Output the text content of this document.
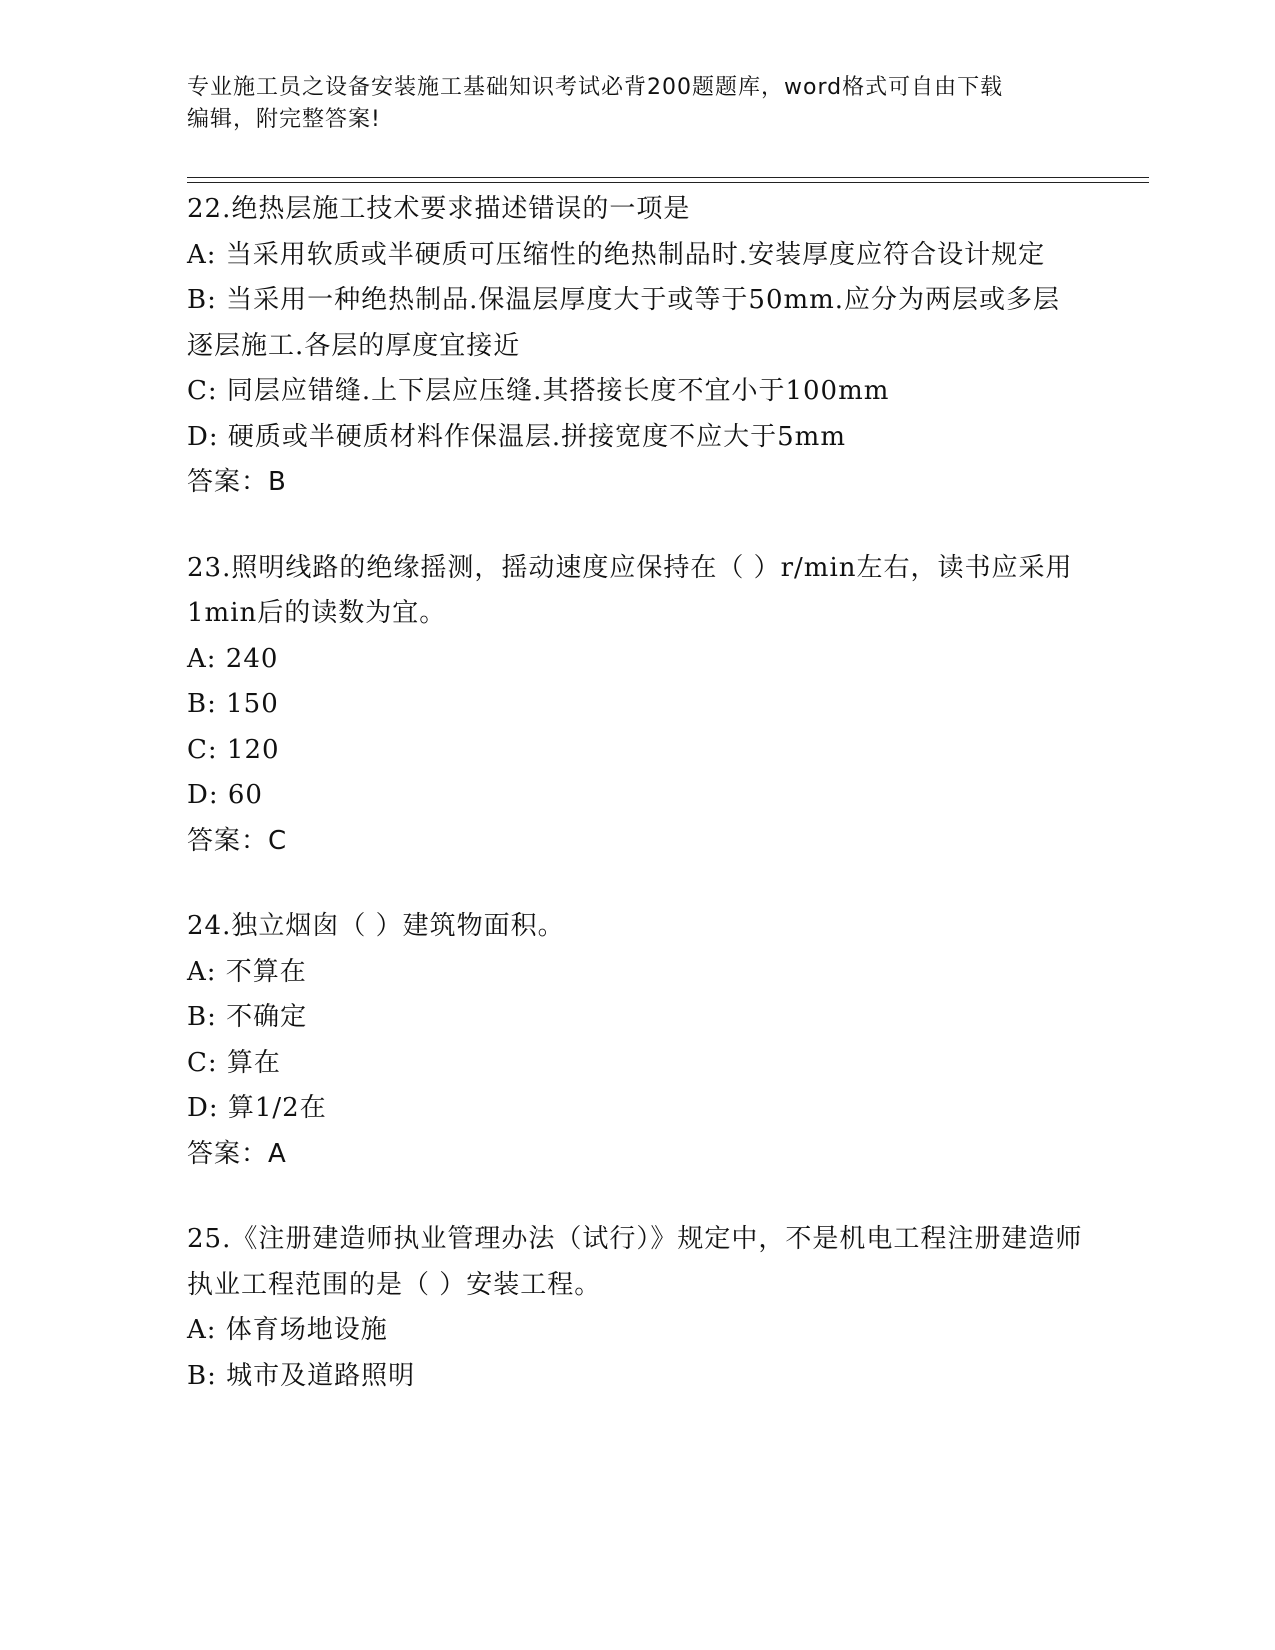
专业施工员之设备安装施工基础知识考试必背200题题库，word格式可自由下载
编辑，附完整答案!
22.绝热层施工技术要求描述错误的一项是
A: 当采用软质或半硬质可压缩性的绝热制品时.安装厚度应符合设计规定
B: 当采用一种绝热制品.保温层厚度大于或等于50mm.应分为两层或多层逐层施工.各层的厚度宜接近
C: 同层应错缝.上下层应压缝.其搭接长度不宜小于100mm
D: 硬质或半硬质材料作保温层.拼接宽度不应大于5mm
答案：B
23.照明线路的绝缘摇测，摇动速度应保持在（ ）r/min左右，读书应采用1min后的读数为宜。
A: 240
B: 150
C: 120
D: 60
答案：C
24.独立烟囱（ ）建筑物面积。
A: 不算在
B: 不确定
C: 算在
D: 算1/2在
答案：A
25.《注册建造师执业管理办法（试行）》规定中，不是机电工程注册建造师执业工程范围的是（ ）安装工程。
A: 体育场地设施
B: 城市及道路照明
